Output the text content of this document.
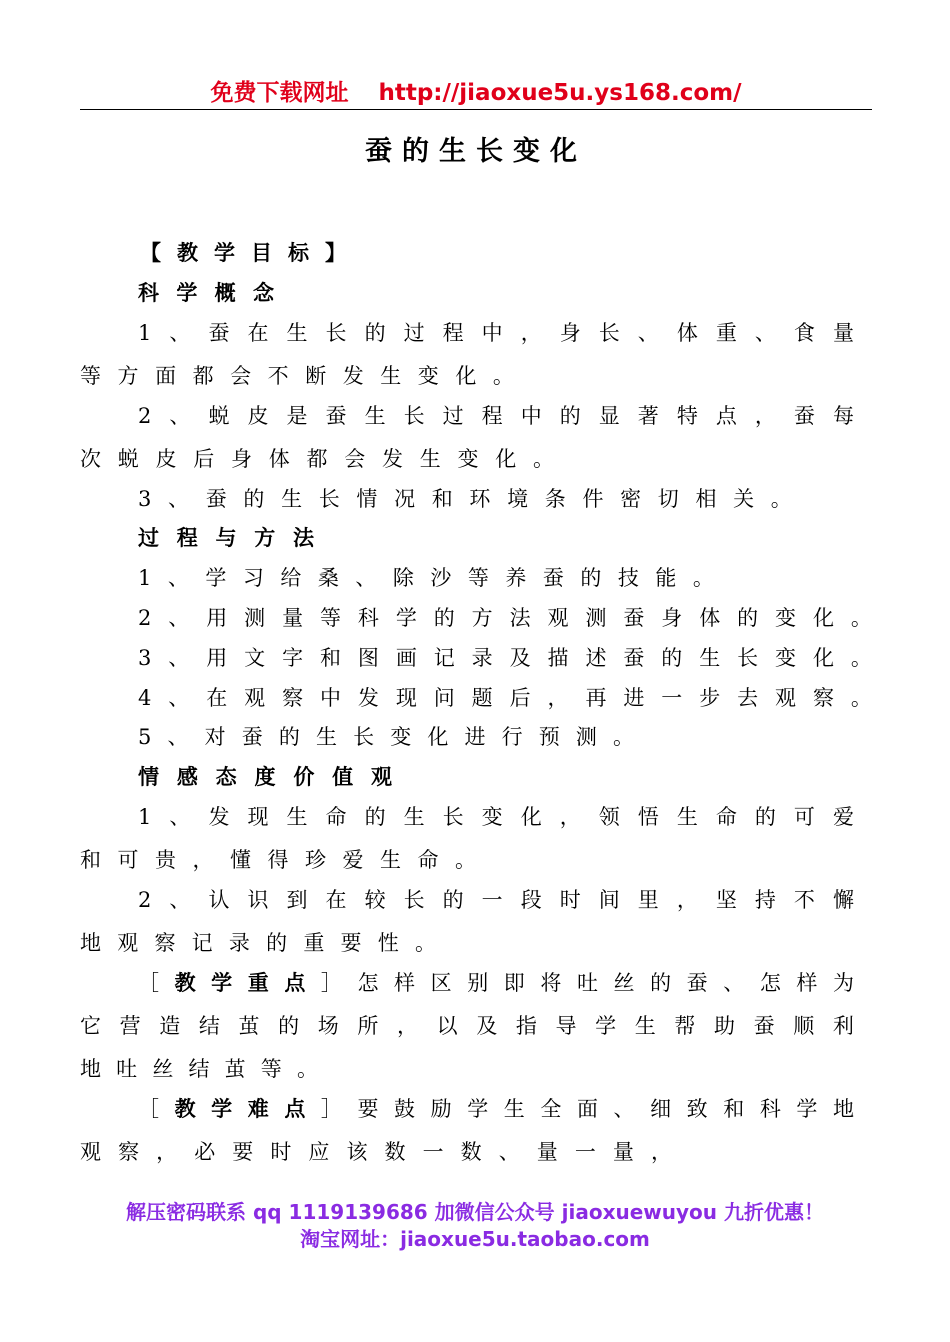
免费下载网址 http://jiaoxue5u.ys168.com/
蚕的生长变化
【 教 学 目 标 】
科 学 概 念
1 、 蚕 在 生 长 的 过 程 中 ， 身 长 、 体 重 、 食 量
等 方 面 都 会 不 断 发 生 变 化 。
2 、 蜕 皮 是 蚕 生 长 过 程 中 的 显 著 特 点 ， 蚕 每
次 蜕 皮 后 身 体 都 会 发 生 变 化 。
3 、 蚕 的 生 长 情 况 和 环 境 条 件 密 切 相 关 。
过 程 与 方 法
1 、 学 习 给 桑 、 除 沙 等 养 蚕 的 技 能 。
2 、 用 测 量 等 科 学 的 方 法 观 测 蚕 身 体 的 变 化 。
3 、 用 文 字 和 图 画 记 录 及 描 述 蚕 的 生 长 变 化 。
4 、 在 观 察 中 发 现 问 题 后 ， 再 进 一 步 去 观 察 。
5 、 对 蚕 的 生 长 变 化 进 行 预 测 。
情 感 态 度 价 值 观
1 、 发 现 生 命 的 生 长 变 化 ， 领 悟 生 命 的 可 爱
和 可 贵 ， 懂 得 珍 爱 生 命 。
2 、 认 识 到 在 较 长 的 一 段 时 间 里 ， 坚 持 不 懈
地 观 察 记 录 的 重 要 性 。
［ 教 学 重 点 ］ 怎 样 区 别 即 将 吐 丝 的 蚕 、 怎 样 为
它 营 造 结 茧 的 场 所 ， 以 及 指 导 学 生 帮 助 蚕 顺 利
地 吐 丝 结 茧 等 。
［ 教 学 难 点 ］ 要 鼓 励 学 生 全 面 、 细 致 和 科 学 地
观 察 ， 必 要 时 应 该 数 一 数 、 量 一 量 ，
解压密码联系 qq 1119139686 加微信公众号 jiaoxuewuyou 九折优惠！
淘宝网址：jiaoxue5u.taobao.com
